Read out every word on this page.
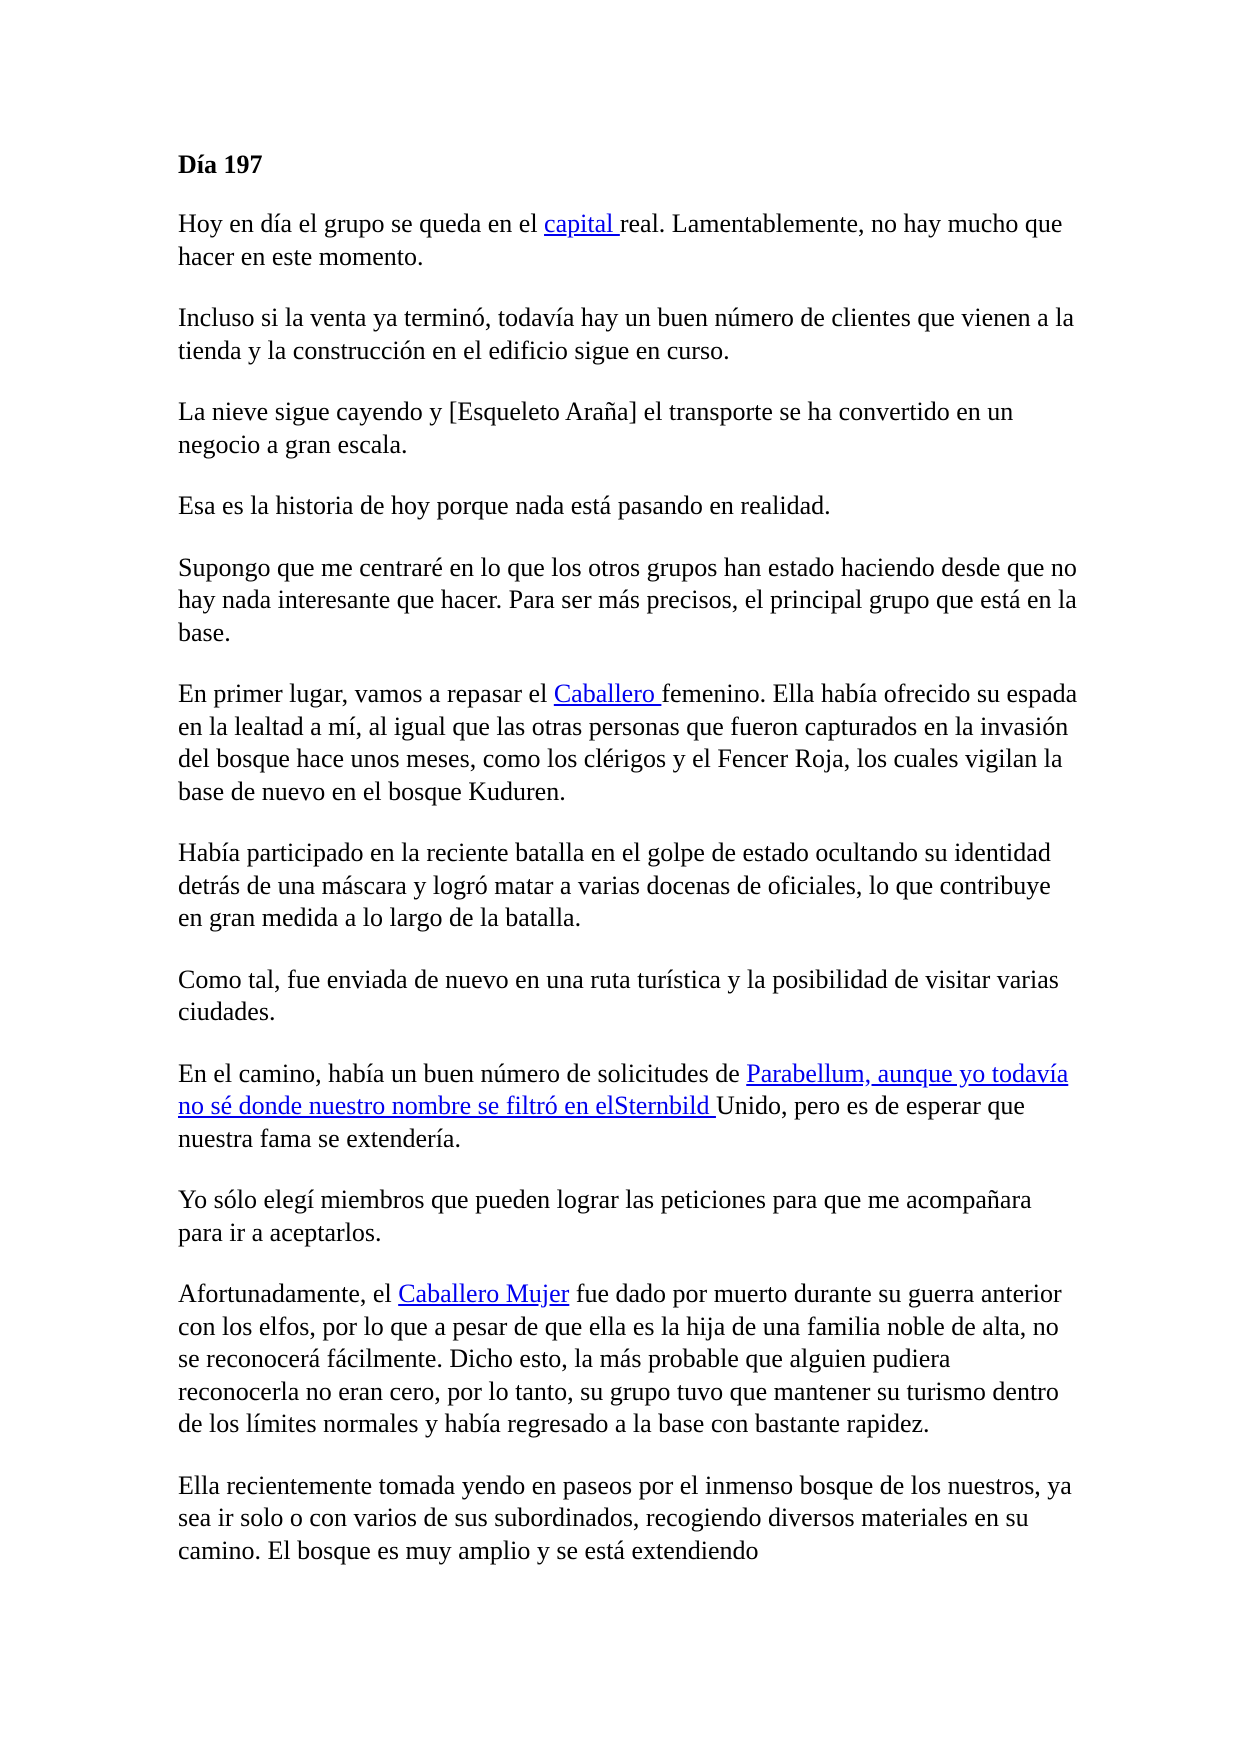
Día 197

Hoy en día el grupo se queda en el capital real. Lamentablemente, no hay mucho que hacer en este momento.

Incluso si la venta ya terminó, todavía hay un buen número de clientes que vienen a la tienda y la construcción en el edificio sigue en curso.

La nieve sigue cayendo y [Esqueleto Araña] el transporte se ha convertido en un negocio a gran escala.

Esa es la historia de hoy porque nada está pasando en realidad.

Supongo que me centraré en lo que los otros grupos han estado haciendo desde que no hay nada interesante que hacer. Para ser más precisos, el principal grupo que está en la base.

En primer lugar, vamos a repasar el Caballero femenino. Ella había ofrecido su espada en la lealtad a mí, al igual que las otras personas que fueron capturados en la invasión del bosque hace unos meses, como los clérigos y el Fencer Roja, los cuales vigilan la base de nuevo en el bosque Kuduren.

Había participado en la reciente batalla en el golpe de estado ocultando su identidad detrás de una máscara y logró matar a varias docenas de oficiales, lo que contribuye en gran medida a lo largo de la batalla.

Como tal, fue enviada de nuevo en una ruta turística y la posibilidad de visitar varias ciudades.

En el camino, había un buen número de solicitudes de Parabellum, aunque yo todavía no sé donde nuestro nombre se filtró en elSternbild Unido, pero es de esperar que nuestra fama se extendería.

Yo sólo elegí miembros que pueden lograr las peticiones para que me acompañara para ir a aceptarlos.

Afortunadamente, el Caballero Mujer fue dado por muerto durante su guerra anterior con los elfos, por lo que a pesar de que ella es la hija de una familia noble de alta, no se reconocerá fácilmente. Dicho esto, la más probable que alguien pudiera reconocerla no eran cero, por lo tanto, su grupo tuvo que mantener su turismo dentro de los límites normales y había regresado a la base con bastante rapidez.

Ella recientemente tomada yendo en paseos por el inmenso bosque de los nuestros, ya sea ir solo o con varios de sus subordinados, recogiendo diversos materiales en su camino. El bosque es muy amplio y se está extendiendo
